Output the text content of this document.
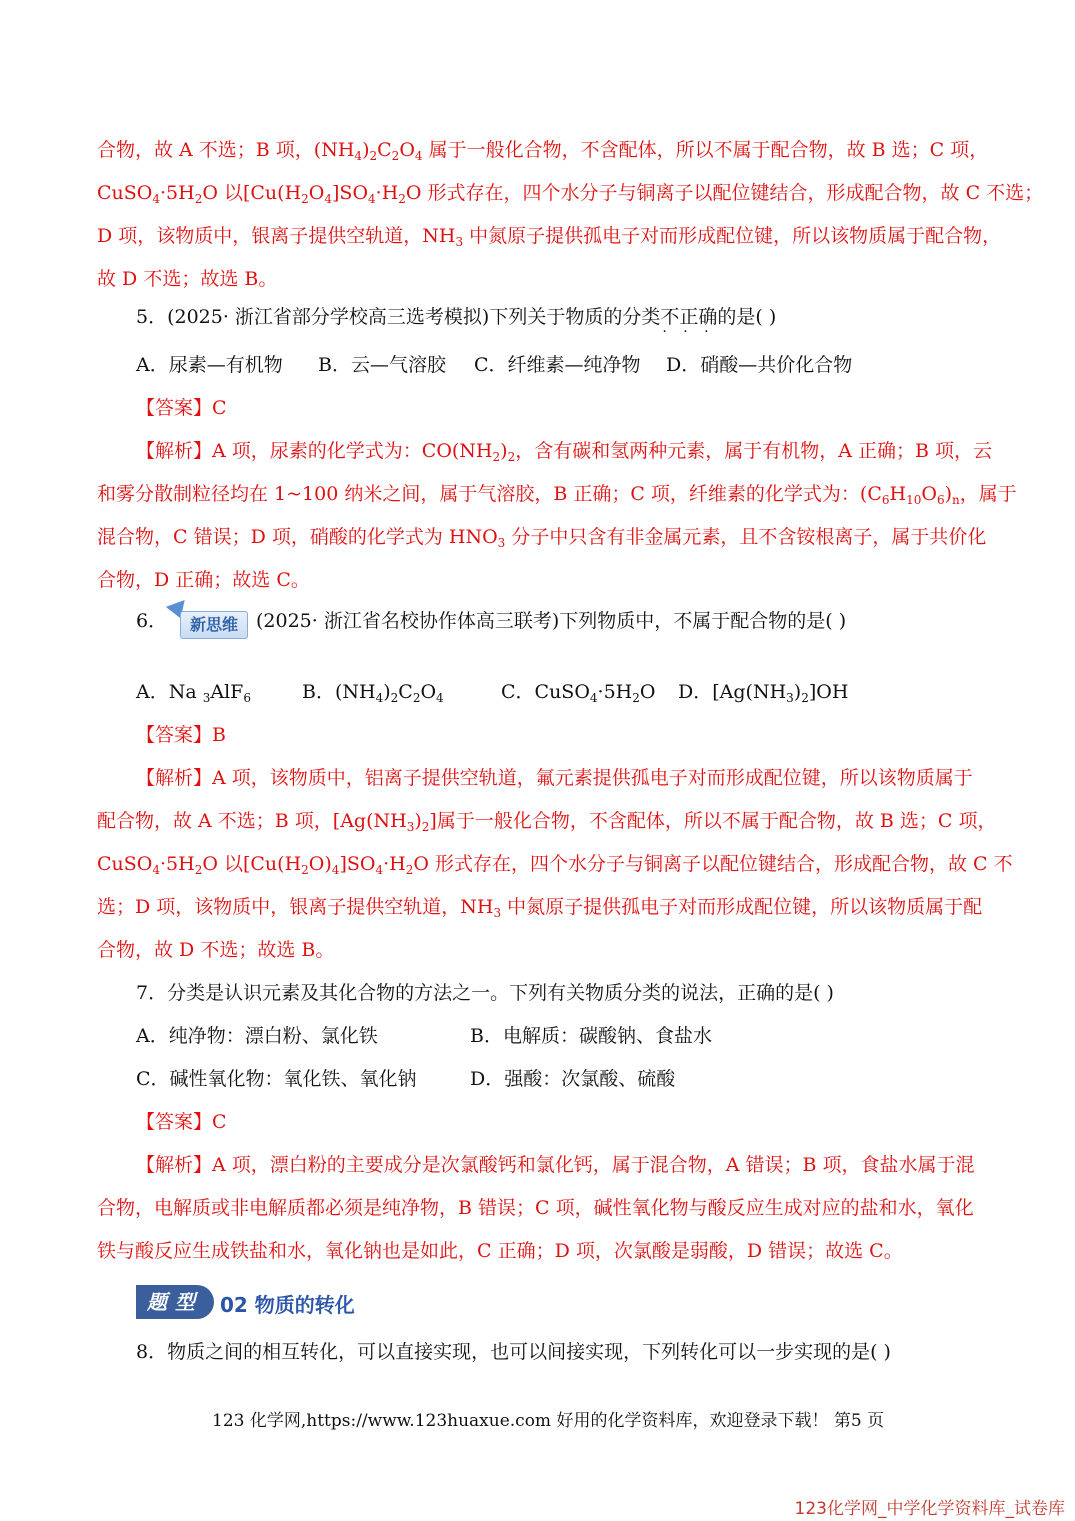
合物，故 A 不选；B 项，$(NH_4)_2C_2O_4$ 属于一般化合物，不含配体，所以不属于配合物，故 B 选；C 项，
$CuSO_4\cdot 5H_2O$ 以[$Cu(H_2O_4]SO_4\cdot H_2O$ 形式存在，四个水分子与铜离子以配位键结合，形成配合物，故 C 不选；
D 项，该物质中，银离子提供空轨道，$NH_3$ 中氮原子提供孤电子对而形成配位键，所以该物质属于配合物，
故 D 不选；故选 B。
5．(2025· 浙江省部分学校高三选考模拟)下列关于物质的分类不正确 · · ·的是( )
A．尿素—有机物 B．云—气溶胶 C．纤维素—纯净物 D．硝酸—共价化合物
【答案】C
【解析】A 项，尿素的化学式为：$CO(NH_2)_2$，含有碳和氢两种元素，属于有机物，A 正确；B 项，云
和雾分散制粒径均在 1~100 纳米之间，属于气溶胶，B 正确；C 项，纤维素的化学式为：$(C_6H_{10}O_6)_n$，属于
混合物，C 错误；D 项，硝酸的化学式为 $HNO_3$ 分子中只含有非金属元素，且不含铵根离子，属于共价化
合物，D 正确；故选 C。
6．	新思维 (2025· 浙江省名校协作体高三联考)下列物质中，不属于配合物的是( )
A．Na $_3$AlF$_6$	B．$(NH_4)_2C_2O_4$	C．$CuSO_4\cdot 5H_2O$ D．$[Ag(NH_3)_2]OH$
【答案】B
【解析】A 项，该物质中，铝离子提供空轨道，氟元素提供孤电子对而形成配位键，所以该物质属于
配合物，故 A 不选；B 项，$[Ag(NH_3)_2]$属于一般化合物，不含配体，所以不属于配合物，故 B 选；C 项，
$CuSO_4\cdot 5H_2O$ 以$[Cu(H_2O)_4]SO_4\cdot H_2O$ 形式存在，四个水分子与铜离子以配位键结合，形成配合物，故 C 不
选；D 项，该物质中，银离子提供空轨道，$NH_3$ 中氮原子提供孤电子对而形成配位键，所以该物质属于配
合物，故 D 不选；故选 B。
7．分类是认识元素及其化合物的方法之一。下列有关物质分类的说法，正确的是( )
A．纯净物：漂白粉、氯化铁	B．电解质：碳酸钠、食盐水
C．碱性氧化物：氧化铁、氧化钠	D．强酸：次氯酸、硫酸
【答案】C
【解析】A 项，漂白粉的主要成分是次氯酸钙和氯化钙，属于混合物，A 错误；B 项，食盐水属于混
合物，电解质或非电解质都必须是纯净物，B 错误；C 项，碱性氧化物与酸反应生成对应的盐和水，氧化
铁与酸反应生成铁盐和水，氧化钠也是如此，C 正确；D 项，次氯酸是弱酸，D 错误；故选 C。
题型 02 物质的转化
8．物质之间的相互转化，可以直接实现，也可以间接实现，下列转化可以一步实现的是( )
123 化学网,https://www.123huaxue.com 好用的化学资料库，欢迎登录下载！ 第5 页
123化学网_中学化学资料库_试卷库
